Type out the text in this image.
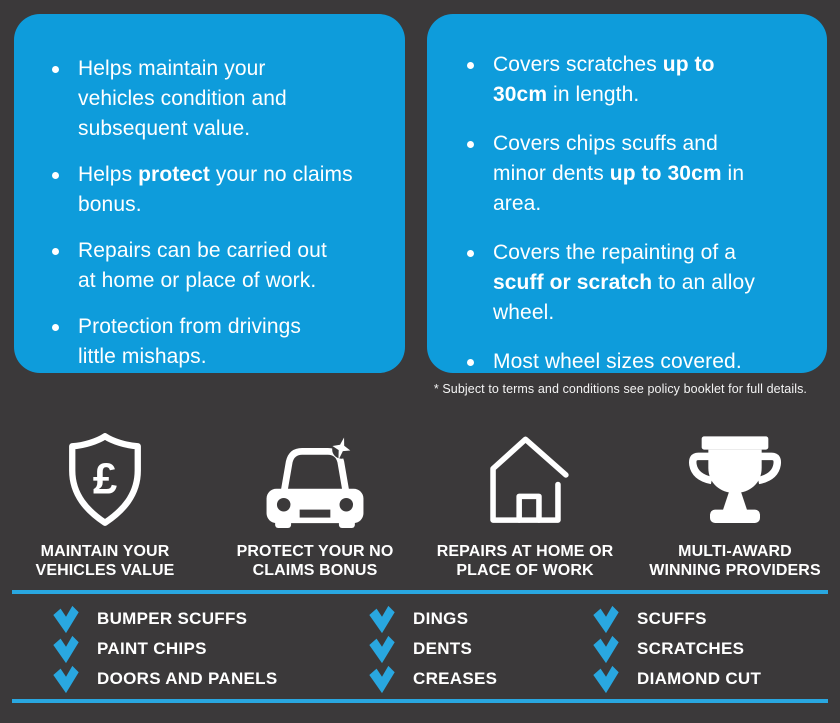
Helps maintain your
vehicles condition and
subsequent value.
Helps protect your no claims
bonus.
Repairs can be carried out
at home or place of work.
Protection from drivings
little mishaps.
Covers scratches up to
30cm in length.
Covers chips scuffs and
minor dents up to 30cm in
area.
Covers the repainting of a
scuff or scratch to an alloy
wheel.
Most wheel sizes covered.

* Subject to terms and conditions see policy booklet for full details.

£
MAINTAIN YOUR
VEHICLES VALUE
PROTECT YOUR NO
CLAIMS BONUS
REPAIRS AT HOME OR
PLACE OF WORK
MULTI-AWARD
WINNING PROVIDERS
BUMPER SCUFFS
PAINT CHIPS
DOORS AND PANELS
DINGS
DENTS
CREASES
SCUFFS
SCRATCHES
DIAMOND CUT
